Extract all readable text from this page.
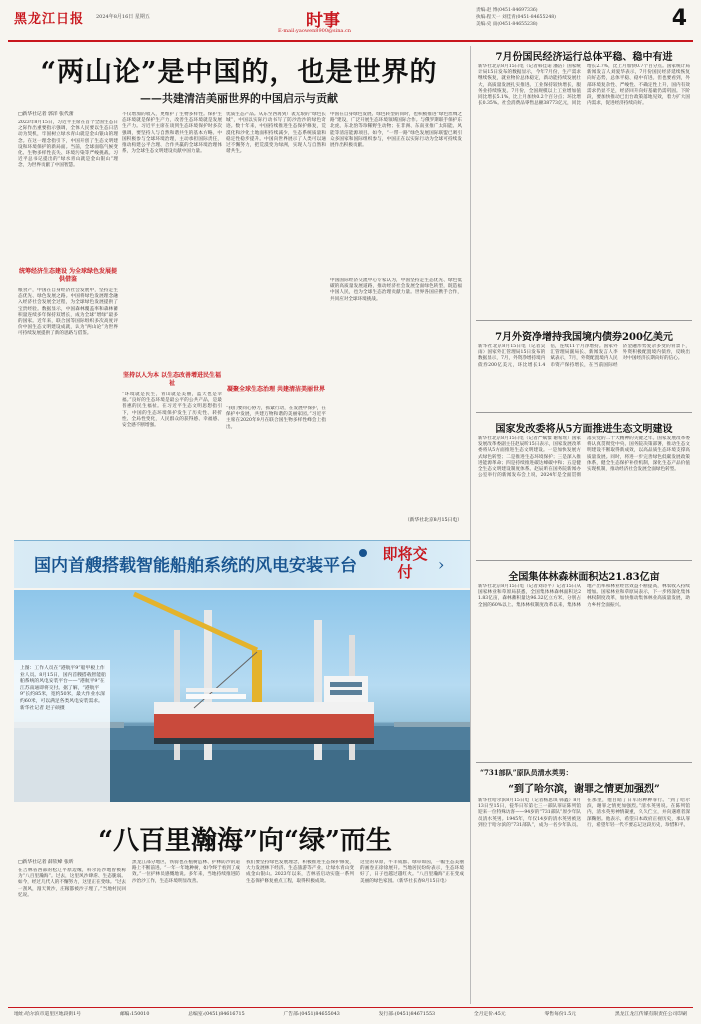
黑龙江日报 2024年8月16日 星期五	时事
E-mail:yaowen8900@sina.cn
责编:赵 博(0451-84697336)
执编:程天一 刘佳青(0451-84655248)
美编:史 雨(0451-84655238)	4
“两山论”是中国的，也是世界的
——共建清洁美丽世界的中国启示与贡献
□新华社记者 郭洋 张代蕾
2023年8月15日，习近平主席在首个全国生态日之际作出重要指示强调，全体人民要以生态日活动为契机，牢固树立绿水青山就是金山银山的理念。在这一理念指引下，中国开创了生态文明建设和环境保护的新局面。当前，全球面临气候变化、生物多样性丧失、环境污染等严峻挑战。习近平总书记提出的“绿水青山就是金山银山”理念，为世界贡献了中国智慧。
统筹经济生态建设 为全球绿色发展提供借鉴
粮食产，中国在自身经济社会发展中，坚持走生态优先、绿色发展之路。中国将绿色发展理念融入经济社会发展全过程，为全球绿色发展提供了宝贵经验。数据显示，中国森林覆盖率和森林蓄积量连续多年保持双增长，成为全球“增绿”最多的国家。近年来，联合国等国际组织多次高度评价中国生态文明建设成就，认为“两山论”为世界可持续发展提供了新的思路与借鉴。
不仅增加的收入，更维护了生物多样性。保护生态环境就是保护生产力，改善生态环境就是发展生产力。习近平主席在谈到生态环境保护时多次强调，要坚持人与自然和谐共生的基本方略。中国积极参与全球环境治理，主动承担国际责任，推动构建公平合理、合作共赢的全球环境治理体系，为全球生态文明建设贡献中国力量。
坚持以人为本 以生态改善增进民生福祉
“环境就是民生，青山就是美丽，蓝天也是幸福。”良好的生态环境是最公平的公共产品，是最普惠的民生福祉。在习近平生态文明思想指引下，中国的生态环境保护发生了历史性、转折性、全局性变化，人民群众的获得感、幸福感、安全感不断增强。
优质生态产品。从东至西再到广袤无垠的“绿色长城”，中国以实际行动书写了防沙治沙的绿色奇迹。数十年来，中国持续推进生态保护修复，荒漠化和沙化土地面积持续减少，生态系统质量和稳定性稳步提升。中国向世界展示了人类可以通过不懈努力，把荒漠变为绿洲，实现人与自然和谐共生。
凝聚全球生态治理 共建清洁美丽世界
“我们要同心协力，抓紧行动，在发展中保护，在保护中发展，共建万物和谐的美丽家园。”习近平主席在2020年9月在联合国生物多样性峰会上指出。
中国在自身绿色发展、绿色转型的同时，也积极推进“绿色丝绸之路”建设，广泛开展生态环境领域国际合作。与俄罗斯联手保护东北虎、东北豹等珍稀野生动物；在非洲、东南亚推广太阳能、风能等清洁能源项目。如今，“一带一路”绿色发展国际联盟已吸引众多国家和国际组织参与，中国正在以实际行动为全球可持续发展作出积极贡献。
中国国际经济交流中心专家认为，中国坚持走生态优先、绿色低碳的高质量发展道路，推动经济社会发展全面绿色转型，既造福中国人民，也为全球生态治理贡献力量。世界各国应携手合作，共同应对全球环境挑战。
（新华社北京8月15日电）
7月份国民经济运行总体平稳、稳中有进
新华社北京8月15日电（记者韩佳诺 潘洁）国家统计局15日发布的数据显示，今年7月份，生产需求继续恢复，就业物价总体稳定，新动能持续发展壮大，高质量发展扎实推进。工业保持较快增长，服务业持续恢复。7月份，全国规模以上工业增加值同比增长5.1%，比上月加快0.2个百分点；环比增长0.35%。社会消费品零售总额38773亿元，同比增长2.7%，比上月加快0.7个百分点。国家统计局新闻发言人刘爱华表示，7月份国民经济延续恢复向好态势，总体平稳、稳中有进。但也要看到，外部环境复杂性、严峻性、不确定性上升，国内有效需求仍显不足，经济回升向好基础仍需巩固。下阶段，要加快推动已出台政策落地见效，着力扩大国内需求，促进经济持续向好。
7月外资净增持我国境内债券200亿美元
新华社北京8月15日电（记者吴雨）国家外汇管理局15日发布的数据显示，7月，外资净增持境内债券200亿美元，环比增长1.4倍，连续11个月净增持。国家外汇管理局副局长、新闻发言人李斌表示，7月，外资配置境内人民币资产保持增长，在当前国际经济金融形势复杂多变的背景下，外资积极配置境内债券，反映出对中国经济长期向好的信心。
国家发改委将从5方面推进生态文明建设
新华社北京8月15日电（记者严赋憬 谢希瑶）国家发展改革委副主任赵辰昕15日表示，国家发展改革委将从5方面推进生态文明建设。一是加快发展方式绿色转型；二是推进生态环境保护；三是深入推进能源革命；四是持续推进碳达峰碳中和；五是健全生态文明建设制度体系。赵辰昕在国务院新闻办公室举行的新闻发布会上说，2024年是全面贯彻落实党的二十大精神的关键之年。国家发展改革委将认真贯彻党中央、国务院决策部署，推动生态文明建设不断取得新成效，以高品质生态环境支撑高质量发展。同时，将进一步完善绿色低碳发展政策体系，健全生态保护补偿机制，深化生态产品价值实现机制，推动经济社会发展全面绿色转型。
全国集体林森林面积达21.83亿亩
新华社北京8月15日电（记者刘诗平）记者15日从国家林业和草原局获悉，全国集体林森林面积达21.83亿亩，森林蓄积量达96.32亿立方米，分别占全国的60%以上。集体林权制度改革以来，集体林地产出率和林业经营效益不断提高，林农收入持续增加。国家林业和草原局表示，下一步将深化集体林权制度改革，加快推动集体林业高质量发展，助力乡村全面振兴。
“731部队”原队员清水英男：
“到了哈尔滨，谢罪之情更加强烈”
新华社哈尔滨8月15日电（记者杨思琪 韩鑫）8月13日至15日，侵华日军第七三一部队罪证陈列馆迎来一位特殊访客——94岁的“731部队”原少年队员清水英男。1945年，年仅14岁的清水英男被送到位于哈尔滨的“731部队”，成为一名少年队员。在那里，他目睹了日军的种种罪行。“到了哈尔滨，谢罪之情更加强烈。”清水英男说。在陈列馆内，清水英男神情凝重，久久伫立，并向遇难者深深鞠躬。他表示，希望日本政府正视历史，承认罪行，希望年轻一代不要忘记这段历史，珍惜和平。
国内首艘搭载智能船舶系统的风电安装平台
即将交付	›
上图：工作人员在“港航平9”船甲板上作业人员。8月15日，国内首艘搭载智能船舶系统的风电安装平台——“港航平9”在江苏南通即将交付。据了解，“港航平9”长约85米，宽约50米，最大作业水深约60米，可以满足各类风电安装需求。新华社记者 赵子硕摄
“八百里瀚海”向“绿”而生
□新华社记者 薛钦峰 张昕
在吉林省西部的松辽平原边缘，科尔沁沙地曾被称为“八百里瀚海”。过去，这里风沙肆虐、生态脆弱。如今，经过几代人的不懈努力，这里正在变绿。“过去一刮风，漫天黄沙，庄稼都被沙子埋了。”当地村民回忆说。
黑龙江部分地区，铁骑也在植树造林、护林防沙的道路上不断前进。“一年一年地种树，如今终于看到了成效。”一位护林员感慨地说。多年来，当地持续推进防沙治沙工作，生态环境明显改善。
我们要坚持绿色发展理念，积极推进生态保护修复，大力发展林下经济、生态旅游等产业，让绿水青山变成金山银山。2023年以来，吉林省启动实施一系列生态保护修复重点工程，取得积极成效。
这里的草原，牛羊成群、绿草如茵，一幅生态美丽的画卷正徐徐展开。当地居民纷纷表示，生态环境好了，日子也越过越红火。“八百里瀚海”正在变成美丽的绿色家园。（新华社长春8月15日电）
地址:哈尔滨市道里区地段街1号	邮编:150010	总编室:(0451)84616715	广告部:(0451)84655043	发行部:(0451)84671553	全月定价:45元	零售每份1.5元	黑龙江龙江传媒有限责任公司印刷
